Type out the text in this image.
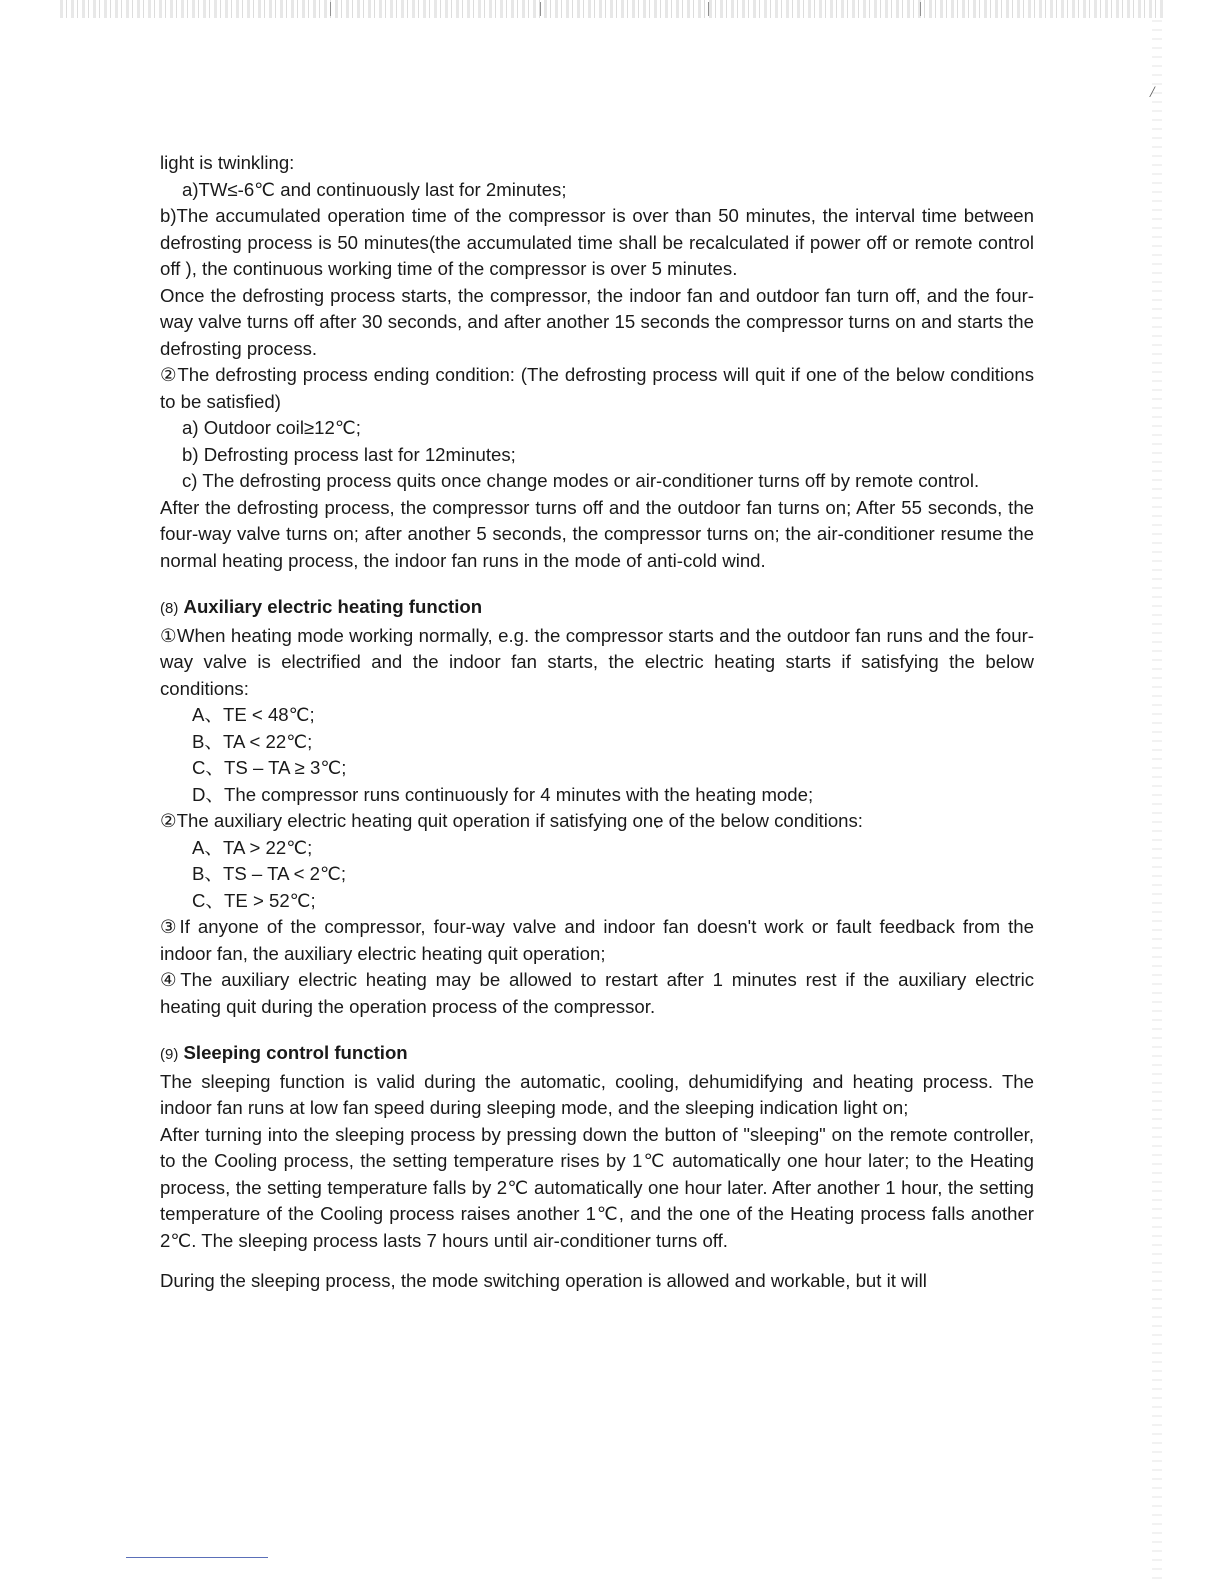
/

light is twinkling:

a)TW≤-6℃ and continuously last for 2minutes;

b)The accumulated operation time of the compressor is over than 50 minutes, the interval time between defrosting process is 50 minutes(the accumulated time shall be recalculated if power off or remote control off ), the continuous working time of the compressor is over 5 minutes.

Once the defrosting process starts, the compressor, the indoor fan and outdoor fan turn off, and the four-way valve turns off after 30 seconds, and after another 15 seconds the compressor turns on and starts the defrosting process.

②The defrosting process ending condition: (The defrosting process will quit if one of the below conditions to be satisfied)

a) Outdoor coil≥12℃;

b) Defrosting process last for 12minutes;

c) The defrosting process quits once change modes or air-conditioner turns off by remote control.

After the defrosting process, the compressor turns off and the outdoor fan turns on; After 55 seconds, the four-way valve turns on; after another 5 seconds, the compressor turns on; the air-conditioner resume the normal heating process, the indoor fan runs in the mode of anti-cold wind.

(8) Auxiliary electric heating function

①When heating mode working normally, e.g. the compressor starts and the outdoor fan runs and the four-way valve is electrified and the indoor fan starts, the electric heating starts if satisfying the below conditions:

A、TE < 48℃;

B、TA < 22℃;

C、TS – TA ≥ 3℃;

D、The compressor runs continuously for 4 minutes with the heating mode;

②The auxiliary electric heating quit operation if satisfying one of the below conditions:

A、TA > 22℃;

B、TS – TA < 2℃;

C、TE > 52℃;

③If anyone of the compressor, four-way valve and indoor fan doesn't work or fault feedback from the indoor fan, the auxiliary electric heating quit operation;

④The auxiliary electric heating may be allowed to restart after 1 minutes rest if the auxiliary electric heating quit during the operation process of the compressor.

(9) Sleeping control function

The sleeping function is valid during the automatic, cooling, dehumidifying and heating process. The indoor fan runs at low fan speed during sleeping mode, and the sleeping indication light on;

After turning into the sleeping process by pressing down the button of "sleeping" on the remote controller, to the Cooling process, the setting temperature rises by 1℃ automatically one hour later; to the Heating process, the setting temperature falls by 2℃ automatically one hour later. After another 1 hour, the setting temperature of the Cooling process raises another 1℃, and the one of the Heating process falls another 2℃. The sleeping process lasts 7 hours until air-conditioner turns off.

During the sleeping process, the mode switching operation is allowed and workable, but it will
